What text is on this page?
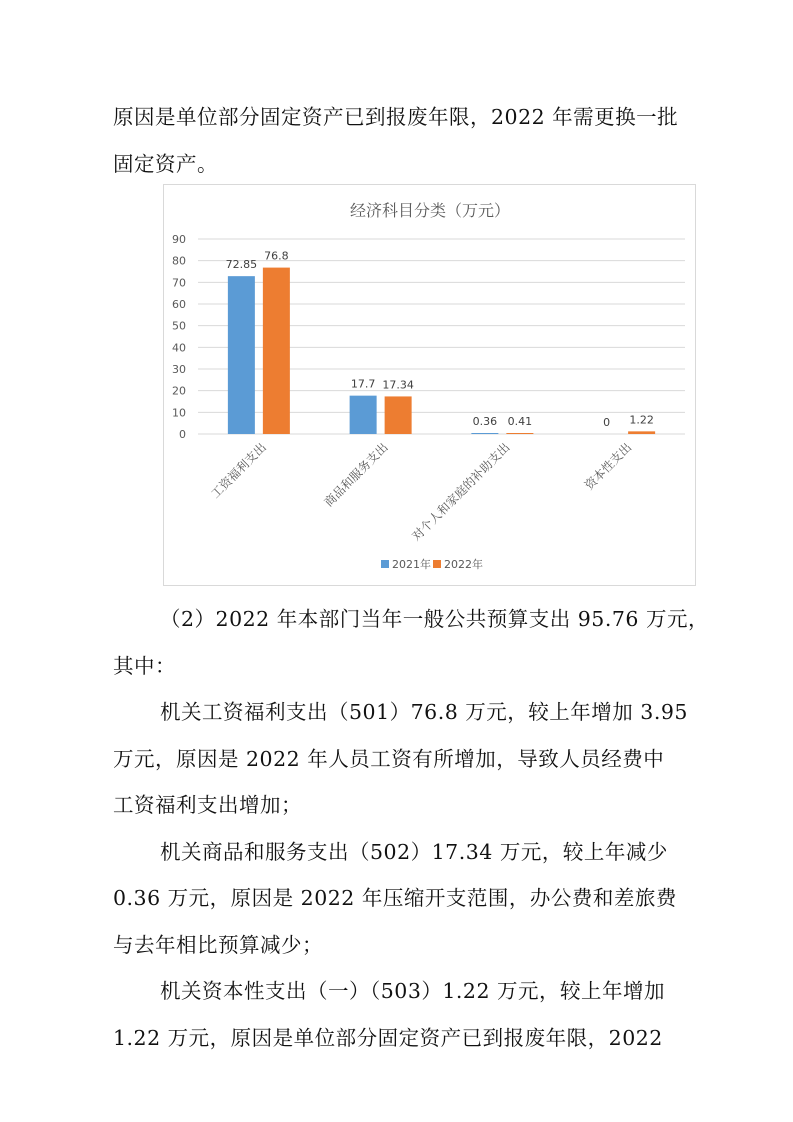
原因是单位部分固定资产已到报废年限，2022 年需更换一批
固定资产。
经济科目分类（万元）
0
10
20
30
40
50
60
70
80
90
72.85
76.8
工资福利支出
17.7 17.34
商品和服务支出
0.36 0.41
对个人和家庭的补助支出
0 1.22
资本性支出
2021年 2022年
（2）2022 年本部门当年一般公共预算支出 95.76 万元，
其中：
机关工资福利支出（501）76.8 万元，较上年增加 3.95
万元，原因是 2022 年人员工资有所增加，导致人员经费中
工资福利支出增加；
机关商品和服务支出（502）17.34 万元，较上年减少
0.36 万元，原因是 2022 年压缩开支范围，办公费和差旅费
与去年相比预算减少；
机关资本性支出（一）（503）1.22 万元，较上年增加
1.22 万元，原因是单位部分固定资产已到报废年限，2022
